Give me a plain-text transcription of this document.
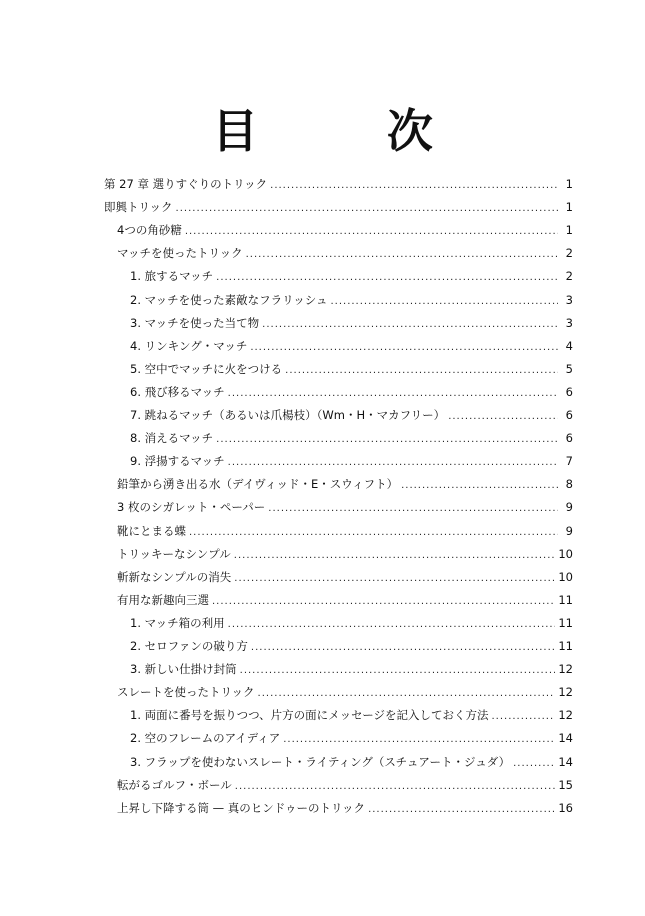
目　次
第 27 章 選りすぐりのトリック .....	1
即興トリック .....	1
4つの角砂糖 .....	1
マッチを使ったトリック .....	2
1. 旅するマッチ .....	2
2. マッチを使った素敵なフラリッシュ .....	3
3. マッチを使った当て物 .....	3
4. リンキング・マッチ .....	4
5. 空中でマッチに火をつける .....	5
6. 飛び移るマッチ .....	6
7. 跳ねるマッチ（あるいは爪楊枝）（Wm・H・マカフリー） .....	6
8. 消えるマッチ .....	6
9. 浮揚するマッチ .....	7
鉛筆から湧き出る水（デイヴィッド・E・スウィフト） .....	8
3 枚のシガレット・ペーパー .....	9
靴にとまる蝶 .....	9
トリッキーなシンプル .....	10
斬新なシンプルの消失 .....	10
有用な新趣向三選 .....	11
1. マッチ箱の利用 .....	11
2. セロファンの破り方 .....	11
3. 新しい仕掛け封筒 .....	12
スレートを使ったトリック .....	12
1. 両面に番号を振りつつ、片方の面にメッセージを記入しておく方法 .....	12
2. 空のフレームのアイディア .....	14
3. フラップを使わないスレート・ライティング（スチュアート・ジュダ） .....	14
転がるゴルフ・ボール .....	15
上昇し下降する筒 — 真のヒンドゥーのトリック .....	16
